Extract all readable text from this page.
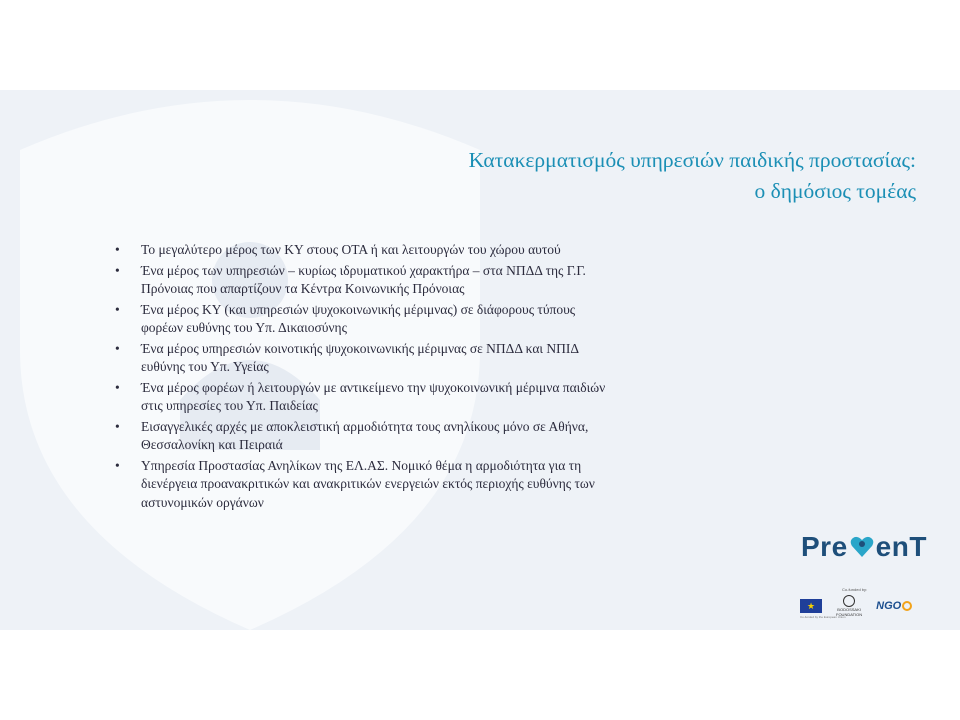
Κατακερματισμός υπηρεσιών παιδικής προστασίας:
ο δημόσιος τομέας
• Το μεγαλύτερο μέρος των ΚΥ στους ΟΤΑ ή και λειτουργών του χώρου αυτού
• Ένα μέρος των υπηρεσιών – κυρίως ιδρυματικού χαρακτήρα – στα ΝΠΔΔ της Γ.Γ.
Πρόνοιας που απαρτίζουν τα Κέντρα Κοινωνικής Πρόνοιας
• Ένα μέρος ΚΥ (και υπηρεσιών ψυχοκοινωνικής μέριμνας) σε διάφορους τύπους
φορέων ευθύνης του Υπ. Δικαιοσύνης
• Ένα μέρος υπηρεσιών κοινοτικής ψυχοκοινωνικής μέριμνας σε ΝΠΔΔ και ΝΠΙΔ
ευθύνης του Υπ. Υγείας
• Ένα μέρος φορέων ή λειτουργών με αντικείμενο την ψυχοκοινωνική μέριμνα παιδιών
στις υπηρεσίες του Υπ. Παιδείας
• Εισαγγελικές αρχές με αποκλειστική αρμοδιότητα τους ανηλίκους μόνο σε Αθήνα,
Θεσσαλονίκη και Πειραιά
• Υπηρεσία Προστασίας Ανηλίκων της ΕΛ.ΑΣ. Νομικό θέμα η αρμοδιότητα για τη
διενέργεια προανακριτικών και ανακριτικών ενεργειών εκτός περιοχής ευθύνης των
αστυνομικών οργάνων
Pre enT
Co-funded by:
★
Co-funded by the European Union
BODOSSAKI
FOUNDATION
NGO
